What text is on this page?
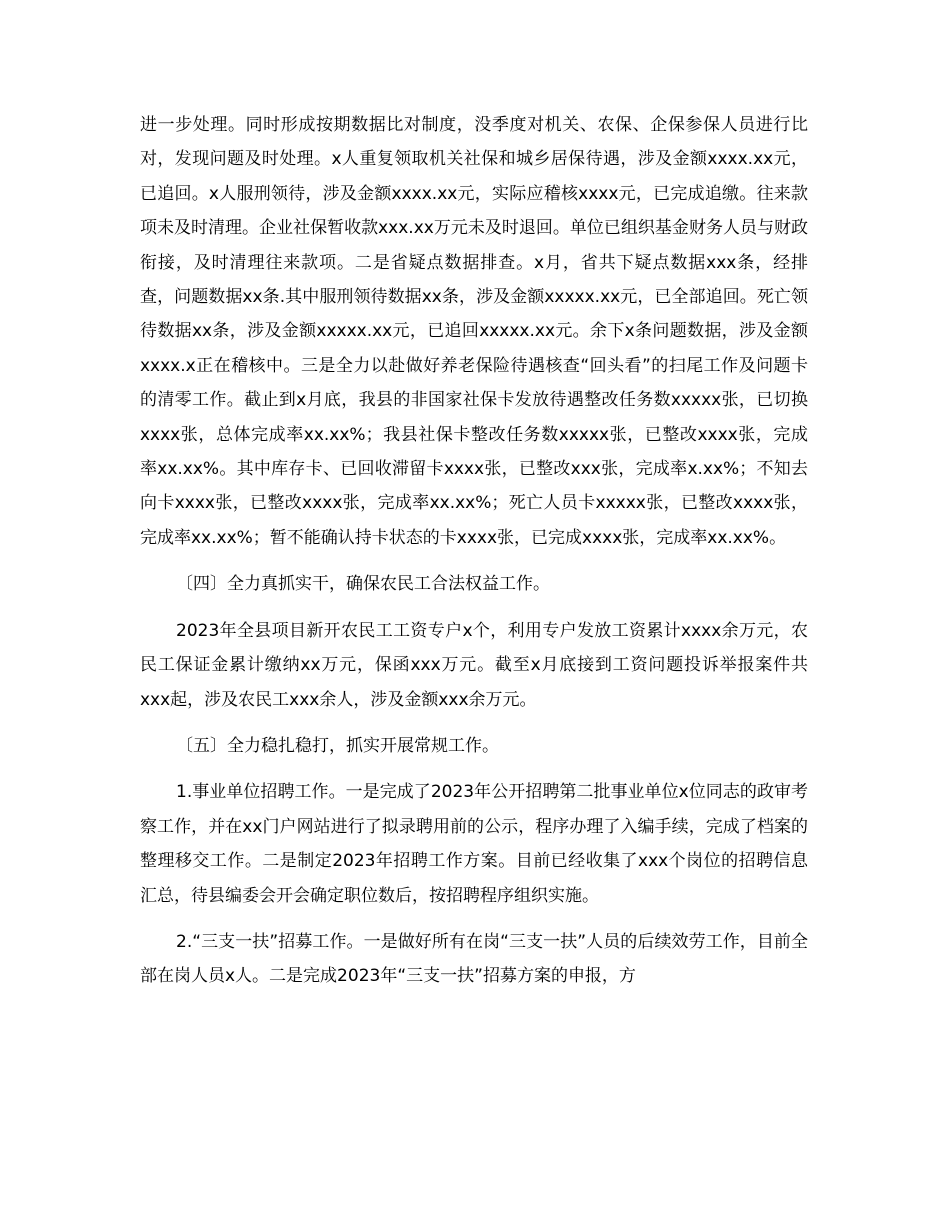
进一步处理。同时形成按期数据比对制度，没季度对机关、农保、企保参保人员进行比对，发现问题及时处理。x人重复领取机关社保和城乡居保待遇，涉及金额xxxx.xx元，已追回。x人服刑领待，涉及金额xxxx.xx元，实际应稽核xxxx元，已完成追缴。往来款项未及时清理。企业社保暂收款xxx.xx万元未及时退回。单位已组织基金财务人员与财政衔接，及时清理往来款项。二是省疑点数据排查。x月，省共下疑点数据xxx条，经排查，问题数据xx条.其中服刑领待数据xx条，涉及金额xxxxx.xx元，已全部追回。死亡领待数据xx条，涉及金额xxxxx.xx元，已追回xxxxx.xx元。余下x条问题数据，涉及金额xxxx.x正在稽核中。三是全力以赴做好养老保险待遇核查“回头看”的扫尾工作及问题卡的清零工作。截止到x月底，我县的非国家社保卡发放待遇整改任务数xxxxx张，已切换xxxx张，总体完成率xx.xx%；我县社保卡整改任务数xxxxx张，已整改xxxx张，完成率xx.xx%。其中库存卡、已回收滞留卡xxxx张，已整改xxx张，完成率x.xx%；不知去向卡xxxx张，已整改xxxx张，完成率xx.xx%；死亡人员卡xxxxx张，已整改xxxx张，完成率xx.xx%；暂不能确认持卡状态的卡xxxx张，已完成xxxx张，完成率xx.xx%。

〔四〕全力真抓实干，确保农民工合法权益工作。

2023年全县项目新开农民工工资专户x个，利用专户发放工资累计xxxx余万元，农民工保证金累计缴纳xx万元，保函xxx万元。截至x月底接到工资问题投诉举报案件共xxx起，涉及农民工xxx余人，涉及金额xxx余万元。

〔五〕全力稳扎稳打，抓实开展常规工作。

1.事业单位招聘工作。一是完成了2023年公开招聘第二批事业单位x位同志的政审考察工作，并在xx门户网站进行了拟录聘用前的公示，程序办理了入编手续，完成了档案的整理移交工作。二是制定2023年招聘工作方案。目前已经收集了xxx个岗位的招聘信息汇总，待县编委会开会确定职位数后，按招聘程序组织实施。

2.“三支一扶”招募工作。一是做好所有在岗“三支一扶”人员的后续效劳工作，目前全部在岗人员x人。二是完成2023年“三支一扶”招募方案的申报，方
